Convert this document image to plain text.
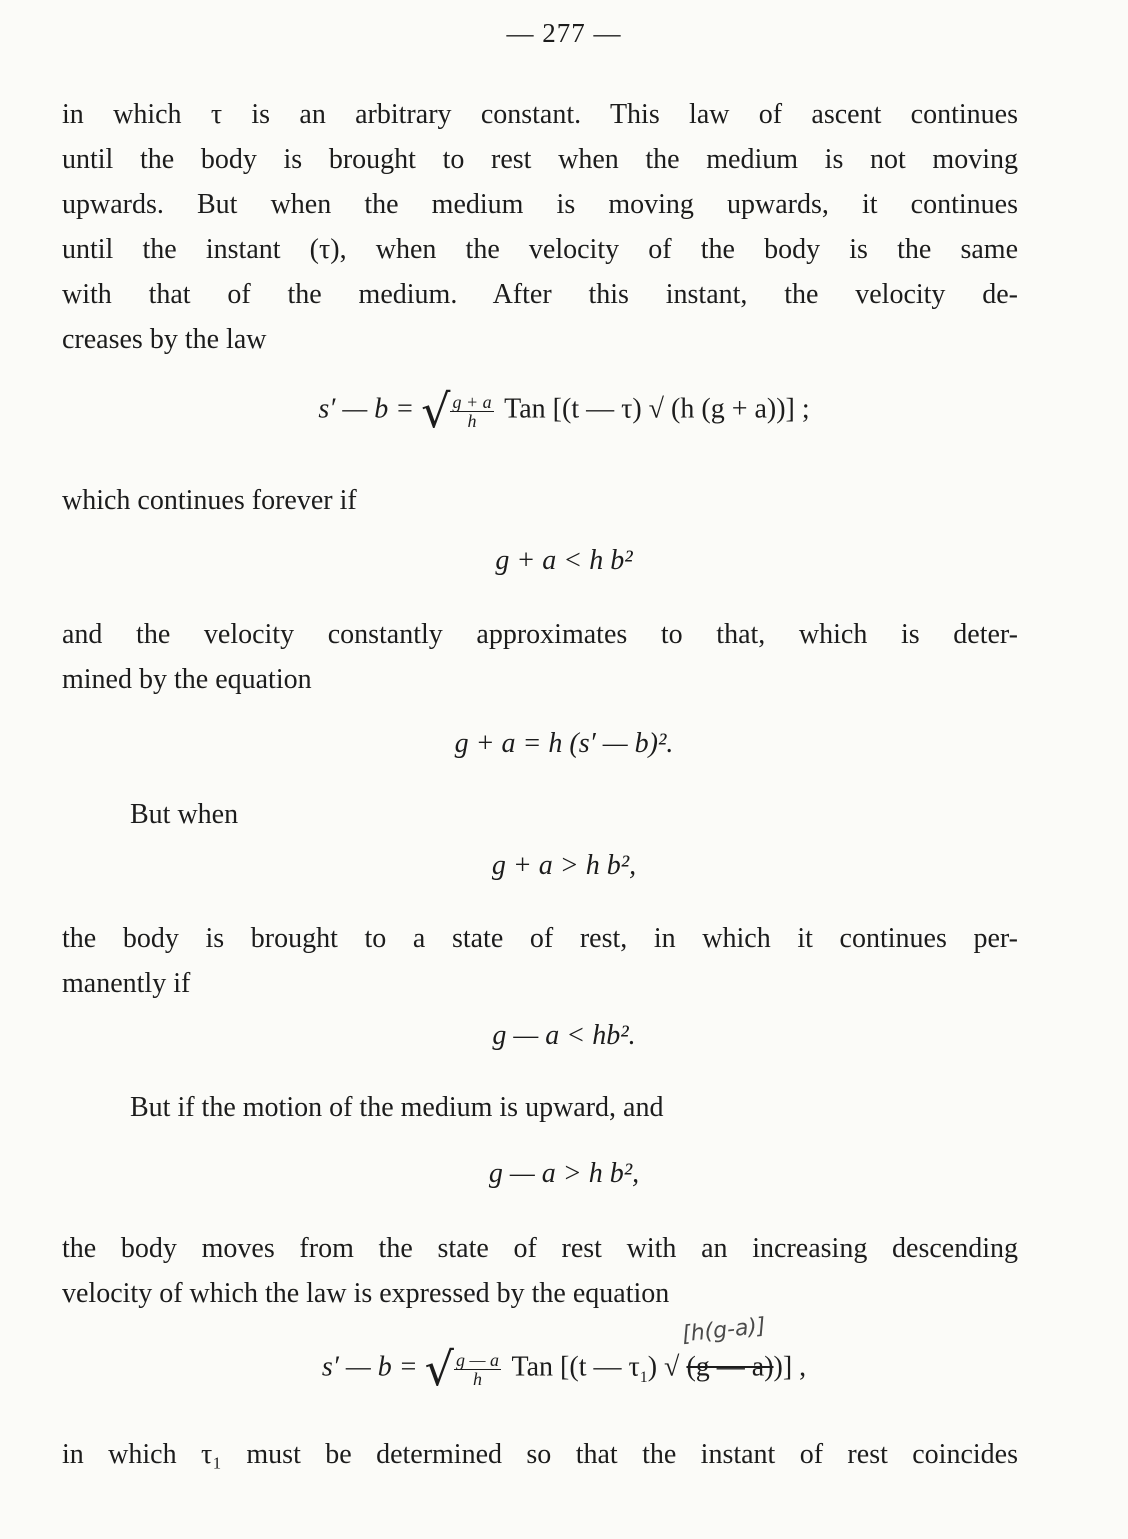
— 277 —
in which τ is an arbitrary constant. This law of ascent continues
until the body is brought to rest when the medium is not moving
upwards. But when the medium is moving upwards, it continues
until the instant (τ), when the velocity of the body is the same
with that of the medium. After this instant, the velocity de-
creases by the law
s′ — b = √ $\frac{g + a}{h}$ Tan [(t — τ) √ (h (g + a))] ;
which continues forever if
g + a < h b²
and the velocity constantly approximates to that, which is deter-
mined by the equation
g + a = h (s′ — b)².
But when
g + a > h b²,
the body is brought to a state of rest, in which it continues per-
manently if
g — a < hb².
But if the motion of the medium is upward, and
g — a > h b²,
the body moves from the state of rest with an increasing descending
velocity of which the law is expressed by the equation
[h(g-a)]
s′ — b = √ $\frac{g — a}{h}$ Tan [(t — $\tau_1$) √ (g — a))] ,
in which τ₁ must be determined so that the instant of rest coincides
